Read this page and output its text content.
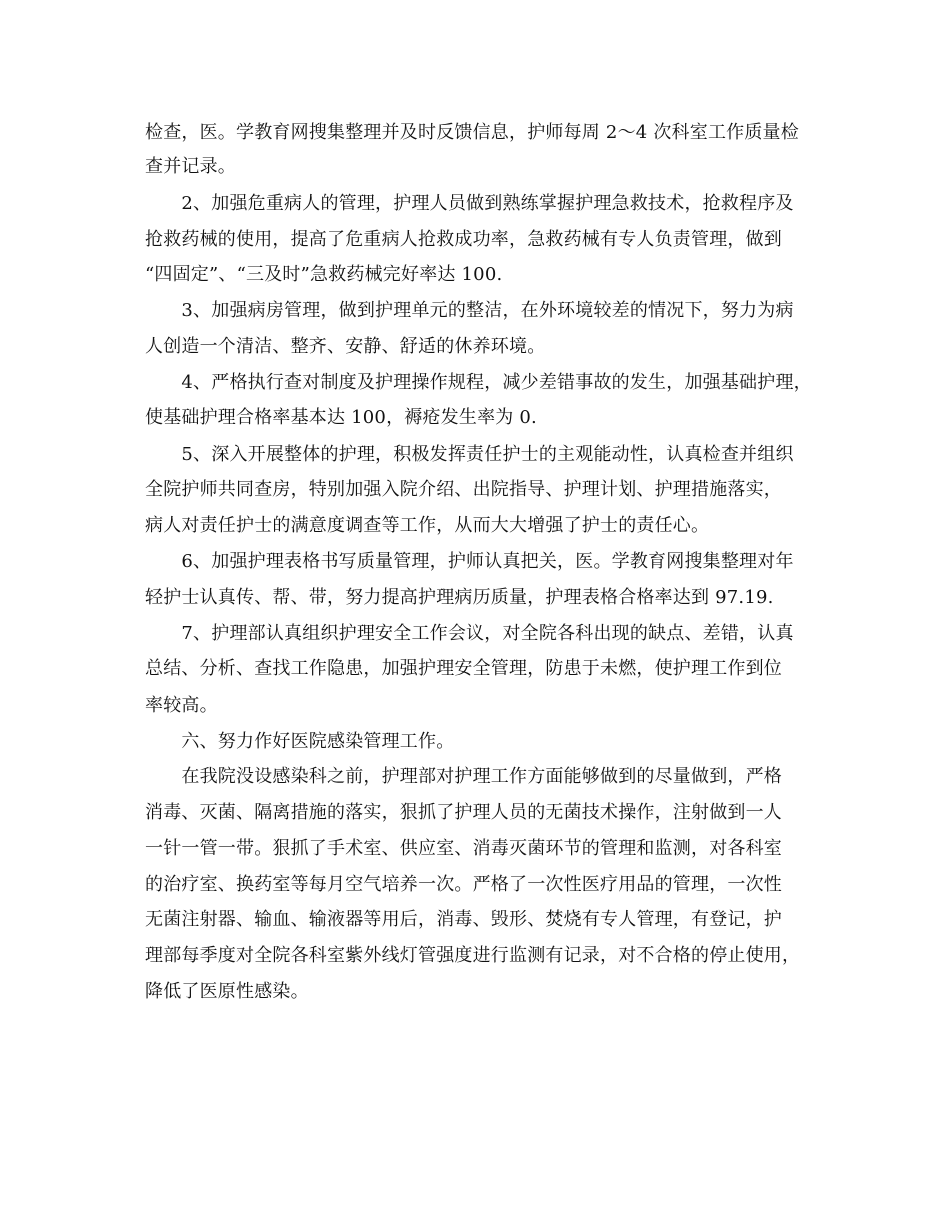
检查，医。学教育网搜集整理并及时反馈信息，护师每周 2～4 次科室工作质量检
查并记录。
　　2、加强危重病人的管理，护理人员做到熟练掌握护理急救技术，抢救程序及
抢救药械的使用，提高了危重病人抢救成功率，急救药械有专人负责管理，做到
“四固定”、“三及时”急救药械完好率达 100.
　　3、加强病房管理，做到护理单元的整洁，在外环境较差的情况下，努力为病
人创造一个清洁、整齐、安静、舒适的休养环境。
　　4、严格执行查对制度及护理操作规程，减少差错事故的发生，加强基础护理，
使基础护理合格率基本达 100，褥疮发生率为 0.
　　5、深入开展整体的护理，积极发挥责任护士的主观能动性，认真检查并组织
全院护师共同查房，特别加强入院介绍、出院指导、护理计划、护理措施落实，
病人对责任护士的满意度调查等工作，从而大大增强了护士的责任心。
　　6、加强护理表格书写质量管理，护师认真把关，医。学教育网搜集整理对年
轻护士认真传、帮、带，努力提高护理病历质量，护理表格合格率达到 97.19.
　　7、护理部认真组织护理安全工作会议，对全院各科出现的缺点、差错，认真
总结、分析、查找工作隐患，加强护理安全管理，防患于未燃，使护理工作到位
率较高。
　　六、努力作好医院感染管理工作。
　　在我院没设感染科之前，护理部对护理工作方面能够做到的尽量做到，严格
消毒、灭菌、隔离措施的落实，狠抓了护理人员的无菌技术操作，注射做到一人
一针一管一带。狠抓了手术室、供应室、消毒灭菌环节的管理和监测，对各科室
的治疗室、换药室等每月空气培养一次。严格了一次性医疗用品的管理，一次性
无菌注射器、输血、输液器等用后，消毒、毁形、焚烧有专人管理，有登记，护
理部每季度对全院各科室紫外线灯管强度进行监测有记录，对不合格的停止使用，
降低了医原性感染。
